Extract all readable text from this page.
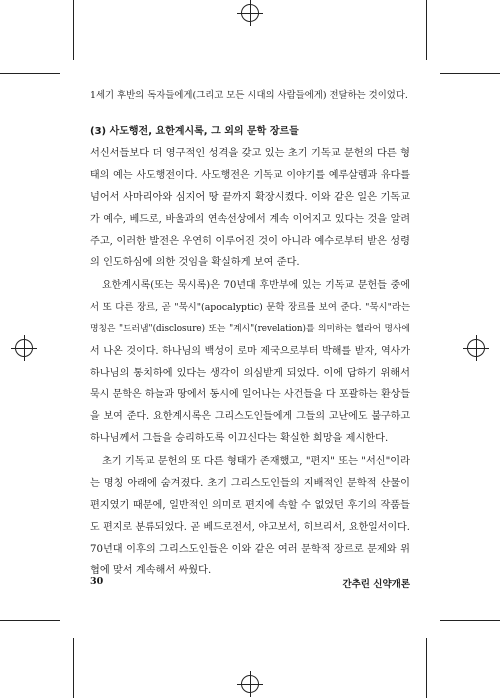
1세기 후반의 독자들에게(그리고 모든 시대의 사람들에게) 전달하는 것이었다.
(3) 사도행전, 요한계시록, 그 외의 문학 장르들
서신서들보다 더 영구적인 성격을 갖고 있는 초기 기독교 문헌의 다른 형
태의 예는 사도행전이다. 사도행전은 기독교 이야기를 예루살렘과 유다를
넘어서 사마리아와 심지어 땅 끝까지 확장시켰다. 이와 같은 일은 기독교
가 예수, 베드로, 바울과의 연속선상에서 계속 이어지고 있다는 것을 알려
주고, 이러한 발전은 우연히 이루어진 것이 아니라 예수로부터 받은 성령
의 인도하심에 의한 것임을 확실하게 보여 준다.
요한계시록(또는 묵시록)은 70년대 후반부에 있는 기독교 문헌들 중에
서 또 다른 장르, 곧 "묵시"(apocalyptic) 문학 장르를 보여 준다. "묵시"라는
명칭은 "드러냄"(disclosure) 또는 "계시"(revelation)를 의미하는 헬라어 명사에
서 나온 것이다. 하나님의 백성이 로마 제국으로부터 박해를 받자, 역사가
하나님의 통치하에 있다는 생각이 의심받게 되었다. 이에 답하기 위해서
묵시 문학은 하늘과 땅에서 동시에 일어나는 사건들을 다 포괄하는 환상들
을 보여 준다. 요한계시록은 그리스도인들에게 그들의 고난에도 불구하고
하나님께서 그들을 승리하도록 이끄신다는 확실한 희망을 제시한다.
초기 기독교 문헌의 또 다른 형태가 존재했고, "편지" 또는 "서신"이라
는 명칭 아래에 숨겨졌다. 초기 그리스도인들의 지배적인 문학적 산물이
편지였기 때문에, 일반적인 의미로 편지에 속할 수 없었던 후기의 작품들
도 편지로 분류되었다. 곧 베드로전서, 야고보서, 히브리서, 요한일서이다.
70년대 이후의 그리스도인들은 이와 같은 여러 문학적 장르로 문제와 위
협에 맞서 계속해서 싸웠다.
30	간추린 신약개론
